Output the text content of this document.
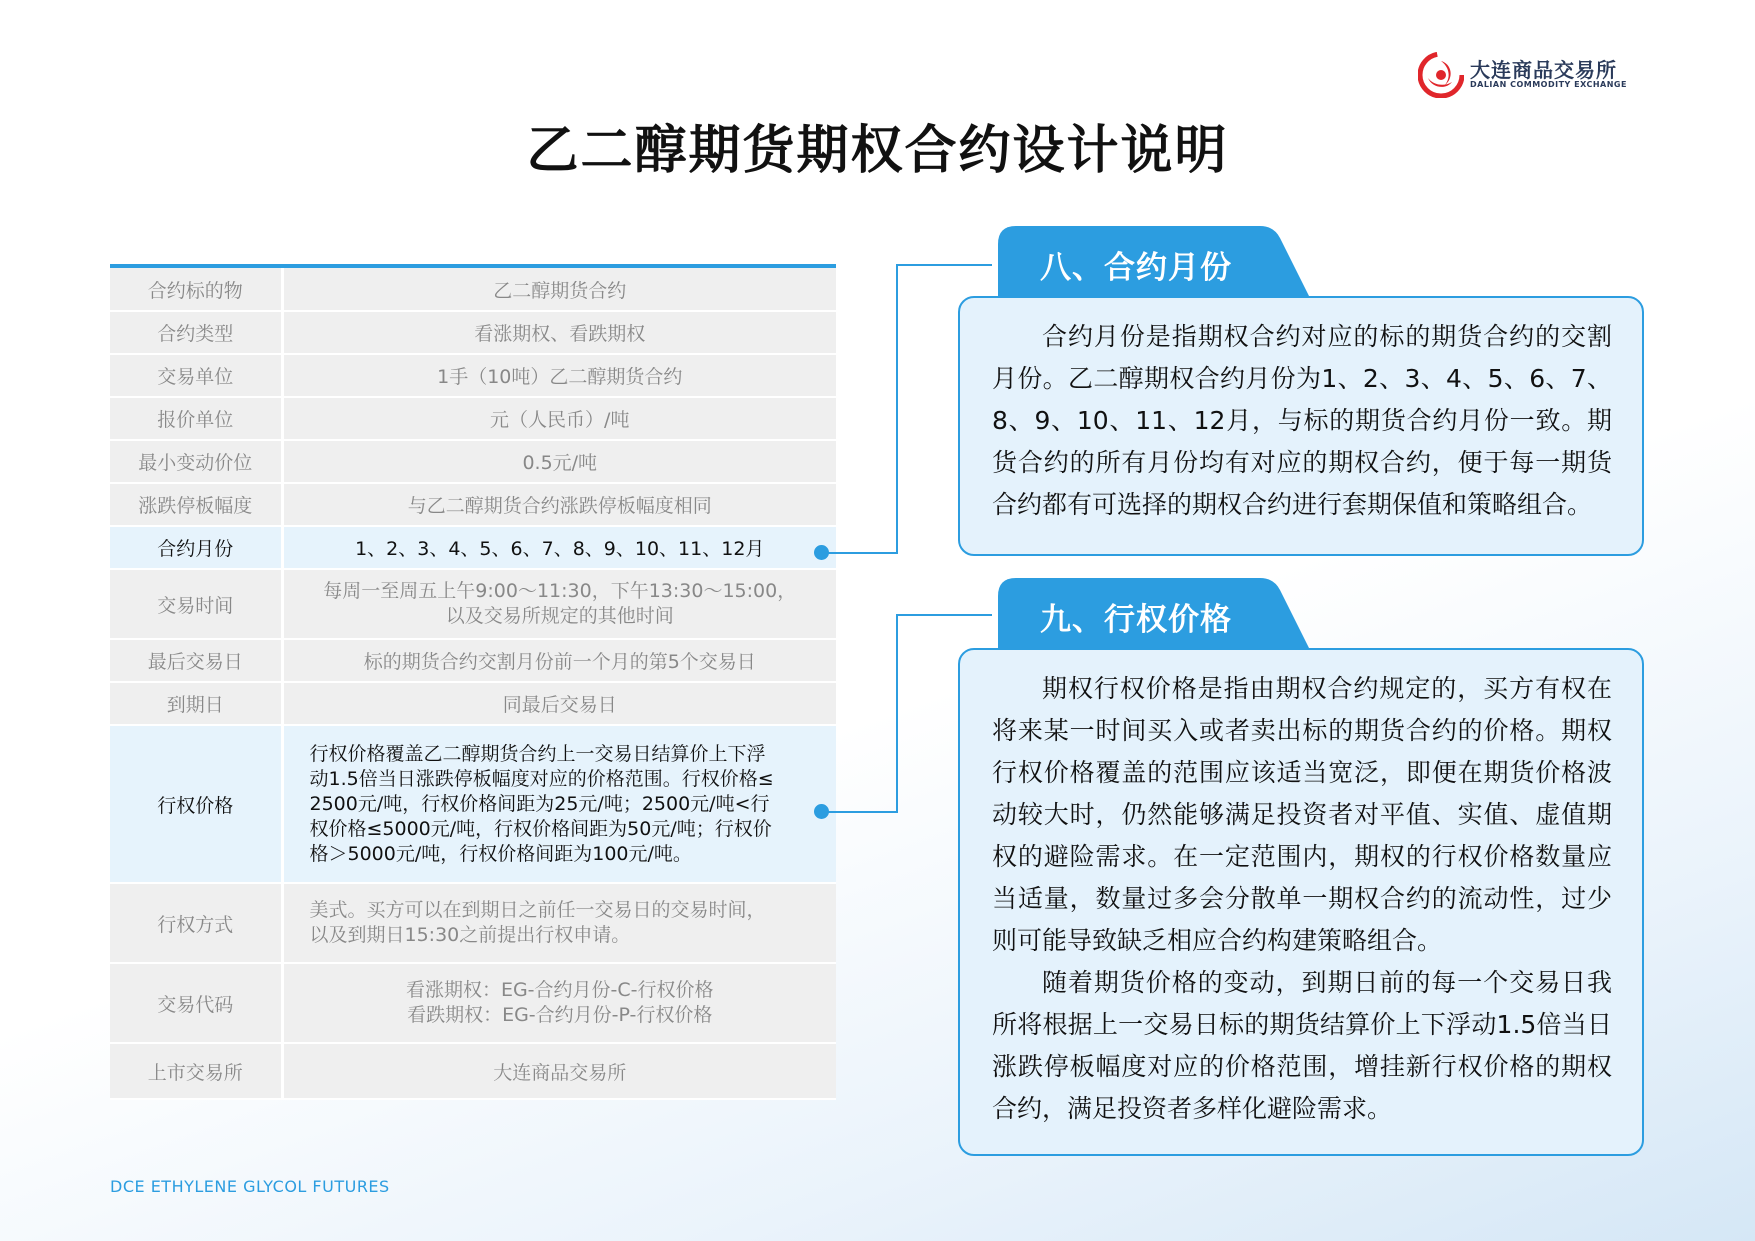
大连商品交易所
DALIAN COMMODITY EXCHANGE
乙二醇期货期权合约设计说明
合约标的物	乙二醇期货合约
合约类型	看涨期权、看跌期权
交易单位	1手（10吨）乙二醇期货合约
报价单位	元（人民币）/吨
最小变动价位	0.5元/吨
涨跌停板幅度	与乙二醇期货合约涨跌停板幅度相同
合约月份	1、2、3、4、5、6、7、8、9、10、11、12月
交易时间	每周一至周五上午9:00～11:30，下午13:30～15:00，
以及交易所规定的其他时间

最后交易日	标的期货合约交割月份前一个月的第5个交易日
到期日	同最后交易日
行权价格	行权价格覆盖乙二醇期货合约上一交易日结算价上下浮
动1.5倍当日涨跌停板幅度对应的价格范围。行权价格≤
2500元/吨，行权价格间距为25元/吨；2500元/吨<行
权价格≤5000元/吨，行权价格间距为50元/吨；行权价
格＞5000元/吨，行权价格间距为100元/吨。

行权方式	美式。买方可以在到期日之前任一交易日的交易时间，
以及到期日15:30之前提出行权申请。

交易代码	看涨期权：EG-合约月份-C-行权价格
看跌期权：EG-合约月份-P-行权价格

上市交易所	大连商品交易所
八、合约月份

合约月份是指期权合约对应的标的期货合约的交割月份。乙二醇期权合约月份为1、2、3、4、5、6、7、8、9、10、11、12月，与标的期货合约月份一致。期货合约的所有月份均有对应的期权合约，便于每一期货合约都有可选择的期权合约进行套期保值和策略组合。

九、行权价格

期权行权价格是指由期权合约规定的，买方有权在将来某一时间买入或者卖出标的期货合约的价格。期权行权价格覆盖的范围应该适当宽泛，即便在期货价格波动较大时，仍然能够满足投资者对平值、实值、虚值期权的避险需求。在一定范围内，期权的行权价格数量应当适量，数量过多会分散单一期权合约的流动性，过少则可能导致缺乏相应合约构建策略组合。

随着期货价格的变动，到期日前的每一个交易日我所将根据上一交易日标的期货结算价上下浮动1.5倍当日涨跌停板幅度对应的价格范围，增挂新行权价格的期权合约，满足投资者多样化避险需求。

DCE ETHYLENE GLYCOL FUTURES
